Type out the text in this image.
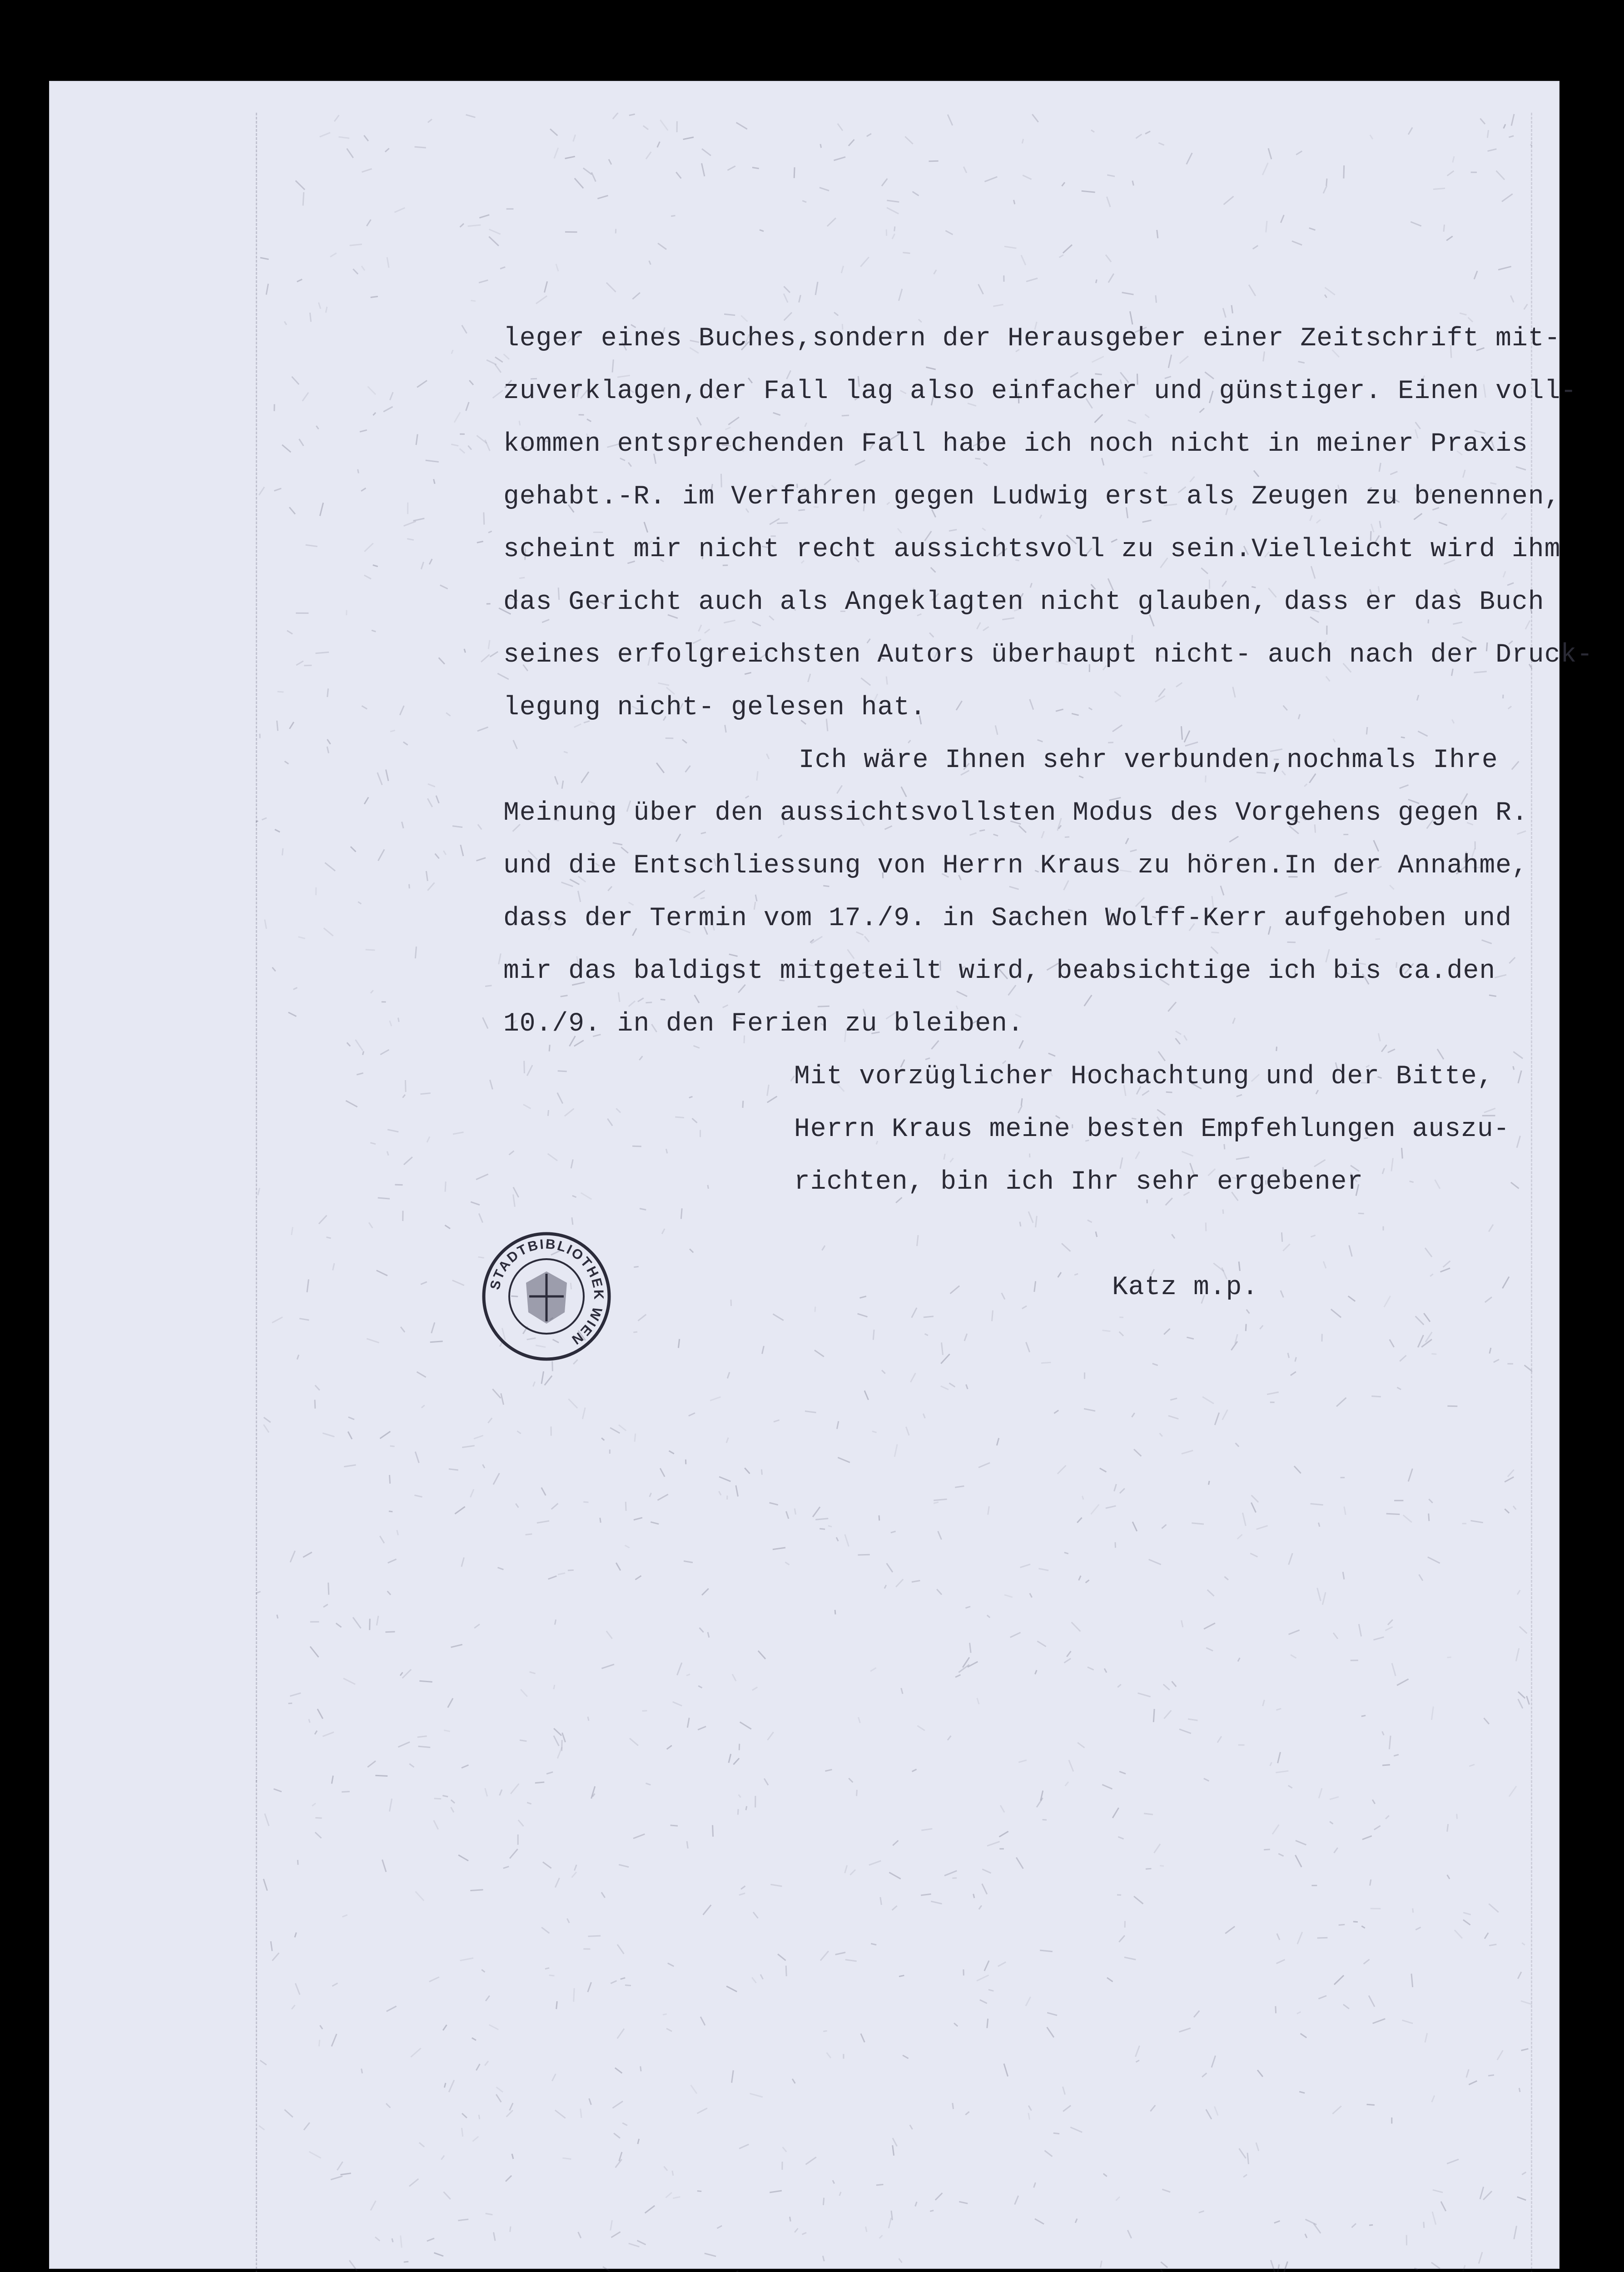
leger eines Buches,sondern der Herausgeber einer Zeitschrift mit-
zuverklagen,der Fall lag also einfacher und günstiger. Einen voll-
kommen entsprechenden Fall habe ich noch nicht in meiner Praxis
gehabt.-R. im Verfahren gegen Ludwig erst als Zeugen zu benennen,
scheint mir nicht recht aussichtsvoll zu sein.Vielleicht wird ihm
das Gericht auch als Angeklagten nicht glauben, dass er das Buch
seines erfolgreichsten Autors überhaupt nicht- auch nach der Druck-
legung nicht- gelesen hat.
Ich wäre Ihnen sehr verbunden,nochmals Ihre
Meinung über den aussichtsvollsten Modus des Vorgehens gegen R.
und die Entschliessung von Herrn Kraus zu hören.In der Annahme,
dass der Termin vom 17./9. in Sachen Wolff-Kerr aufgehoben und
mir das baldigst mitgeteilt wird, beabsichtige ich bis ca.den
10./9. in den Ferien zu bleiben.
Mit vorzüglicher Hochachtung und der Bitte,
Herrn Kraus meine besten Empfehlungen auszu-
richten, bin ich Ihr sehr ergebener
Katz m.p.
STADTBIBLIOTHEK WIEN
